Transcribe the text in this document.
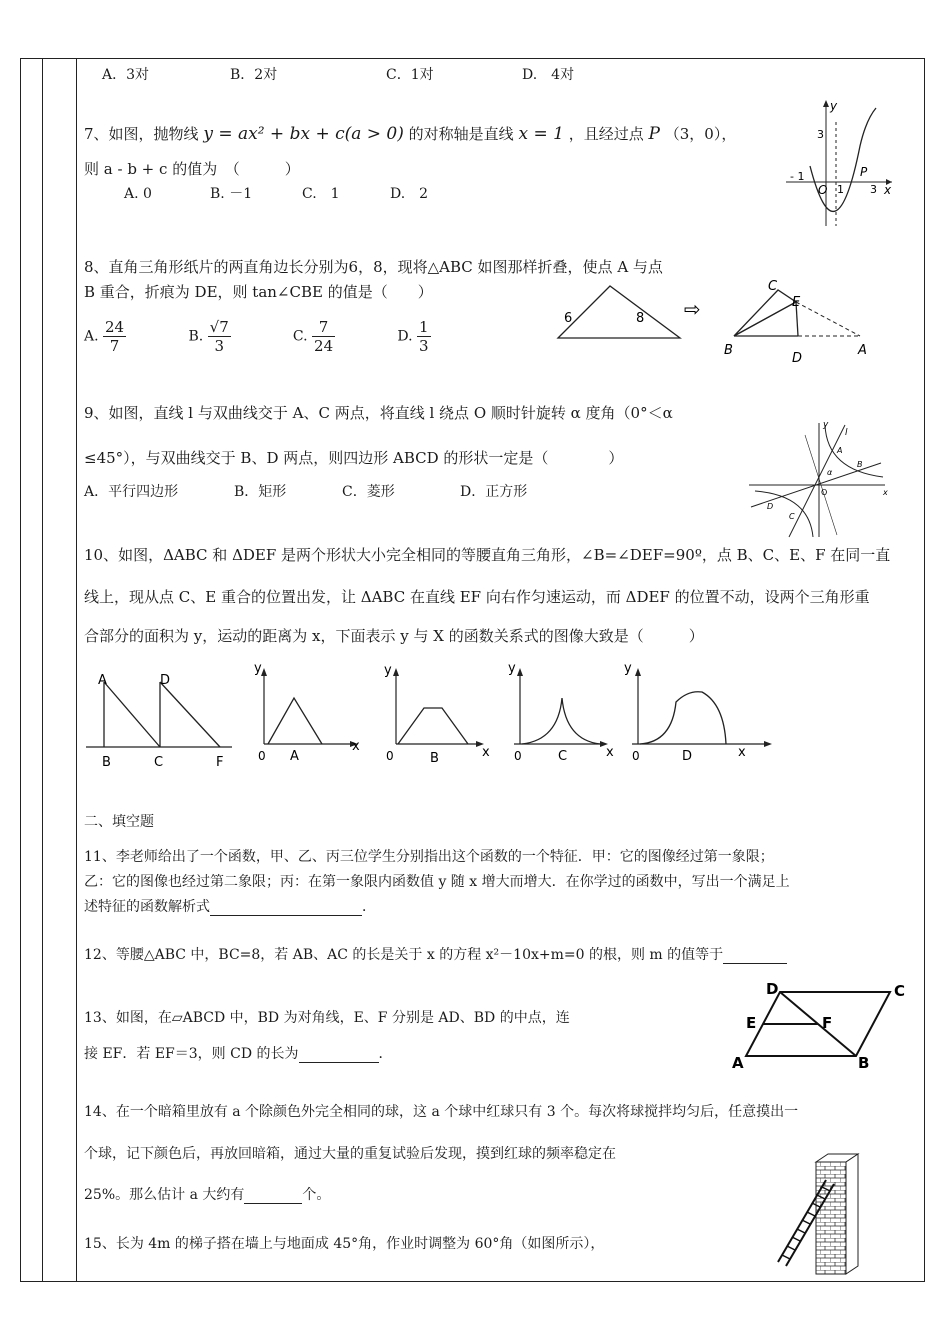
A．3对	B．2对	C．1对	D.　4对
7、如图，抛物线 y = ax² + bx + c(a > 0) 的对称轴是直线 x = 1 ，且经过点 P （3，0），
则 a - b + c 的值为　（　　　）
A. 0	B. －1	C.　1	D.　2
y
x
3
- 1
O 1 3
P
8、直角三角形纸片的两直角边长分别为6，8，现将△ABC 如图那样折叠，使点 A 与点
B 重合，折痕为 DE，则 tan∠CBE 的值是（　　）
A. $\frac{24}{7}$	B. $\frac{√7}{3}$	C. $\frac{7}{24}$	D. $\frac{1}{3}$	6	8 ⇨
C
E
B
D
A
9、如图，直线 l 与双曲线交于 A、C 两点，将直线 l 绕点 O 顺时针旋转 α 度角（0°＜α
≤45°），与双曲线交于 B、D 两点，则四边形 ABCD 的形状一定是（　　　　）
A．平行四边形	B．矩形	C．菱形	D．正方形
y
l
A
B
α
O	x
D
C
10、如图，ΔABC 和 ΔDEF 是两个形状大小完全相同的等腰直角三角形，∠B=∠DEF=90º，点 B、C、E、F 在同一直
线上，现从点 C、E 重合的位置出发，让 ΔABC 在直线 EF 向右作匀速运动，而 ΔDEF 的位置不动，设两个三角形重
合部分的面积为 y，运动的距离为 x，下面表示 y 与 X 的函数关系式的图像大致是（　　　）
A	D
B	C	F
y
0 A
x
y
0	B	x
y
0	C	x
y
0	D	x
二、填空题
11、李老师给出了一个函数，甲、乙、丙三位学生分别指出这个函数的一个特征．甲：它的图像经过第一象限；
乙：它的图像也经过第二象限；丙：在第一象限内函数值 y 随 x 增大而增大．在你学过的函数中，写出一个满足上
述特征的函数解析式	．
12、等腰△ABC 中，BC=8，若 AB、AC 的长是关于 x 的方程 x²－10x+m=0 的根，则 m 的值等于
13、如图，在▱ABCD 中，BD 为对角线，E、F 分别是 AD、BD 的中点，连
接 EF．若 EF＝3，则 CD 的长为	．
D	C
E	F
A	B
14、在一个暗箱里放有 a 个除颜色外完全相同的球，这 a 个球中红球只有 3 个。每次将球搅拌均匀后，任意摸出一
个球，记下颜色后，再放回暗箱，通过大量的重复试验后发现，摸到红球的频率稳定在
25%。那么估计 a 大约有	个。
15、长为 4m 的梯子搭在墙上与地面成 45°角，作业时调整为 60°角（如图所示），
